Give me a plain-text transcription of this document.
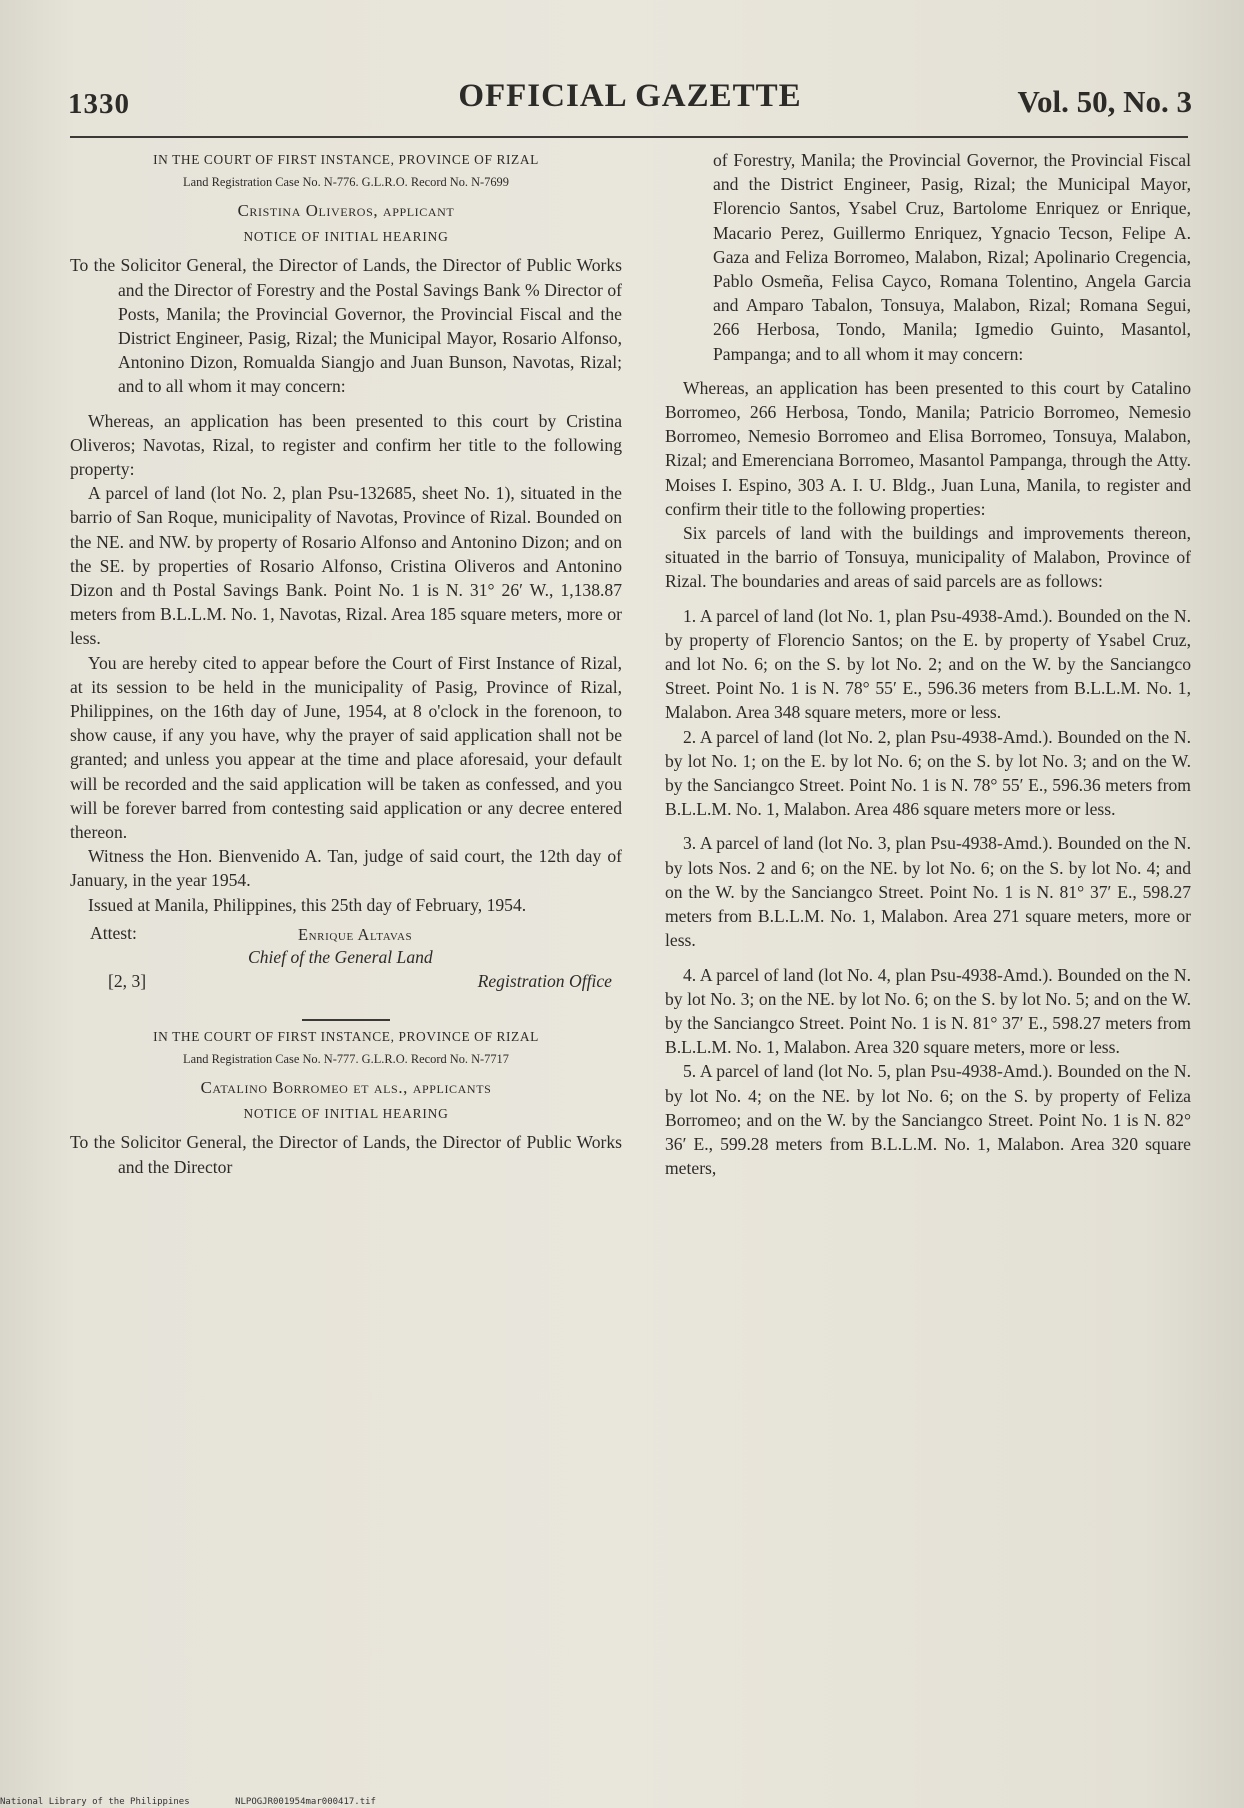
1330	OFFICIAL GAZETTE	Vol. 50, No. 3
IN THE COURT OF FIRST INSTANCE, PROVINCE OF RIZAL
Land Registration Case No. N-776. G.L.R.O. Record No. N-7699
Cristina Oliveros, applicant
NOTICE OF INITIAL HEARING

To the Solicitor General, the Director of Lands, the Director of Public Works and the Director of Forestry and the Postal Savings Bank % Director of Posts, Manila; the Provincial Governor, the Provincial Fiscal and the District Engineer, Pasig, Rizal; the Municipal Mayor, Rosario Alfonso, Antonino Dizon, Romualda Siangjo and Juan Bunson, Navotas, Rizal; and to all whom it may concern:

Whereas, an application has been presented to this court by Cristina Oliveros; Navotas, Rizal, to register and confirm her title to the following property:

A parcel of land (lot No. 2, plan Psu-132685, sheet No. 1), situated in the barrio of San Roque, municipality of Navotas, Province of Rizal. Bounded on the NE. and NW. by property of Rosario Alfonso and Antonino Dizon; and on the SE. by properties of Rosario Alfonso, Cristina Oliveros and Antonino Dizon and th Postal Savings Bank. Point No. 1 is N. 31° 26′ W., 1,138.87 meters from B.L.L.M. No. 1, Navotas, Rizal. Area 185 square meters, more or less.

You are hereby cited to appear before the Court of First Instance of Rizal, at its session to be held in the municipality of Pasig, Province of Rizal, Philippines, on the 16th day of June, 1954, at 8 o'clock in the forenoon, to show cause, if any you have, why the prayer of said application shall not be granted; and unless you appear at the time and place aforesaid, your default will be recorded and the said application will be taken as confessed, and you will be forever barred from contesting said application or any decree entered thereon.

Witness the Hon. Bienvenido A. Tan, judge of said court, the 12th day of January, in the year 1954.

Issued at Manila, Philippines, this 25th day of February, 1954.

Attest:	Enrique Altavas
Chief of the General Land
[2, 3]	Registration Office
IN THE COURT OF FIRST INSTANCE, PROVINCE OF RIZAL
Land Registration Case No. N-777. G.L.R.O. Record No. N-7717
Catalino Borromeo et als., applicants
NOTICE OF INITIAL HEARING

To the Solicitor General, the Director of Lands, the Director of Public Works and the Director

of Forestry, Manila; the Provincial Governor, the Provincial Fiscal and the District Engineer, Pasig, Rizal; the Municipal Mayor, Florencio Santos, Ysabel Cruz, Bartolome Enriquez or Enrique, Macario Perez, Guillermo Enriquez, Ygnacio Tecson, Felipe A. Gaza and Feliza Borromeo, Malabon, Rizal; Apolinario Cregencia, Pablo Osmeña, Felisa Cayco, Romana Tolentino, Angela Garcia and Amparo Tabalon, Tonsuya, Malabon, Rizal; Romana Segui, 266 Herbosa, Tondo, Manila; Igmedio Guinto, Masantol, Pampanga; and to all whom it may concern:

Whereas, an application has been presented to this court by Catalino Borromeo, 266 Herbosa, Tondo, Manila; Patricio Borromeo, Nemesio Borromeo, Nemesio Borromeo and Elisa Borromeo, Tonsuya, Malabon, Rizal; and Emerenciana Borromeo, Masantol Pampanga, through the Atty. Moises I. Espino, 303 A. I. U. Bldg., Juan Luna, Manila, to register and confirm their title to the following properties:

Six parcels of land with the buildings and improvements thereon, situated in the barrio of Tonsuya, municipality of Malabon, Province of Rizal. The boundaries and areas of said parcels are as follows:

1. A parcel of land (lot No. 1, plan Psu-4938-Amd.). Bounded on the N. by property of Florencio Santos; on the E. by property of Ysabel Cruz, and lot No. 6; on the S. by lot No. 2; and on the W. by the Sanciangco Street. Point No. 1 is N. 78° 55′ E., 596.36 meters from B.L.L.M. No. 1, Malabon. Area 348 square meters, more or less.

2. A parcel of land (lot No. 2, plan Psu-4938-Amd.). Bounded on the N. by lot No. 1; on the E. by lot No. 6; on the S. by lot No. 3; and on the W. by the Sanciangco Street. Point No. 1 is N. 78° 55′ E., 596.36 meters from B.L.L.M. No. 1, Malabon. Area 486 square meters more or less.

3. A parcel of land (lot No. 3, plan Psu-4938-Amd.). Bounded on the N. by lots Nos. 2 and 6; on the NE. by lot No. 6; on the S. by lot No. 4; and on the W. by the Sanciangco Street. Point No. 1 is N. 81° 37′ E., 598.27 meters from B.L.L.M. No. 1, Malabon. Area 271 square meters, more or less.

4. A parcel of land (lot No. 4, plan Psu-4938-Amd.). Bounded on the N. by lot No. 3; on the NE. by lot No. 6; on the S. by lot No. 5; and on the W. by the Sanciangco Street. Point No. 1 is N. 81° 37′ E., 598.27 meters from B.L.L.M. No. 1, Malabon. Area 320 square meters, more or less.

5. A parcel of land (lot No. 5, plan Psu-4938-Amd.). Bounded on the N. by lot No. 4; on the NE. by lot No. 6; on the S. by property of Feliza Borromeo; and on the W. by the Sanciangco Street. Point No. 1 is N. 82° 36′ E., 599.28 meters from B.L.L.M. No. 1, Malabon. Area 320 square meters,

National Library of the Philippines	NLPOGJR001954mar000417.tif
